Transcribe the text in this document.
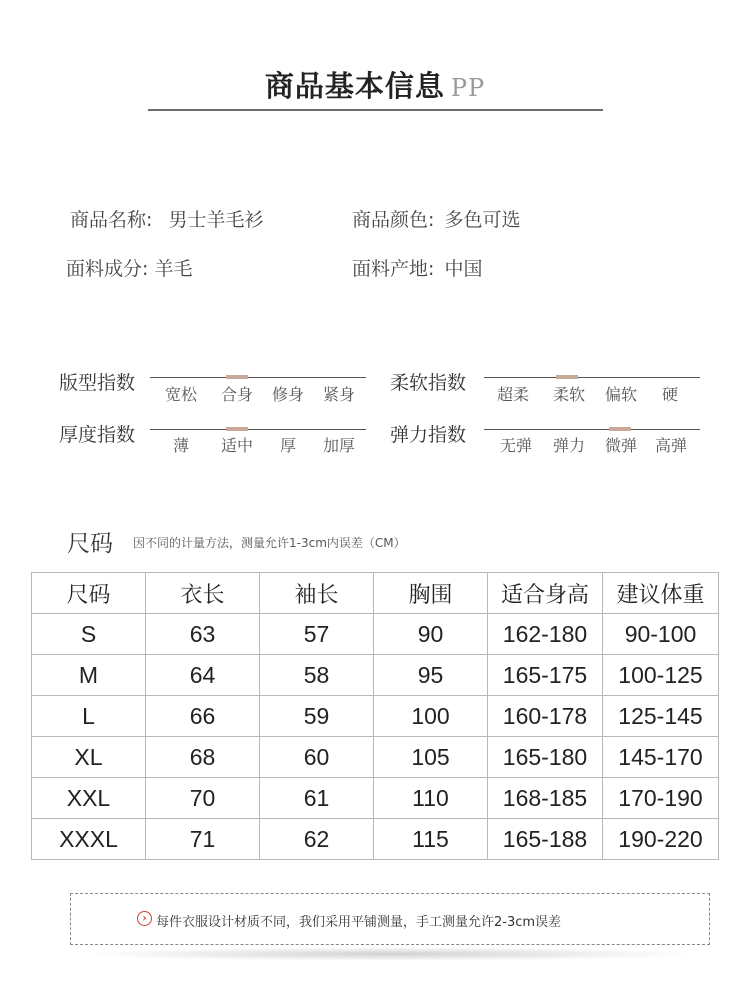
商品基本信息 PP
商品名称: 男士羊毛衫	商品颜色: 多色可选
面料成分: 羊毛	面料产地: 中国
版型指数
宽松	合身	修身	紧身
柔软指数
超柔	柔软	偏软	硬
厚度指数	薄	适中	厚	加厚	弹力指数	无弹	弹力	微弹	高弹
尺码 因不同的计量方法，测量允许1-3cm内误差（CM）
尺码	衣长	袖长	胸围	适合身高	建议体重
S	63	57	90	162-180	90-100
M	64	58	95	165-175	100-125
L	66	59	100	160-178	125-145
XL	68	60	105	165-180	145-170
XXL	70	61	110	168-185	170-190
XXXL	71	62	115	165-188	190-220
› 每件衣服设计材质不同，我们采用平铺测量，手工测量允许2-3cm误差
